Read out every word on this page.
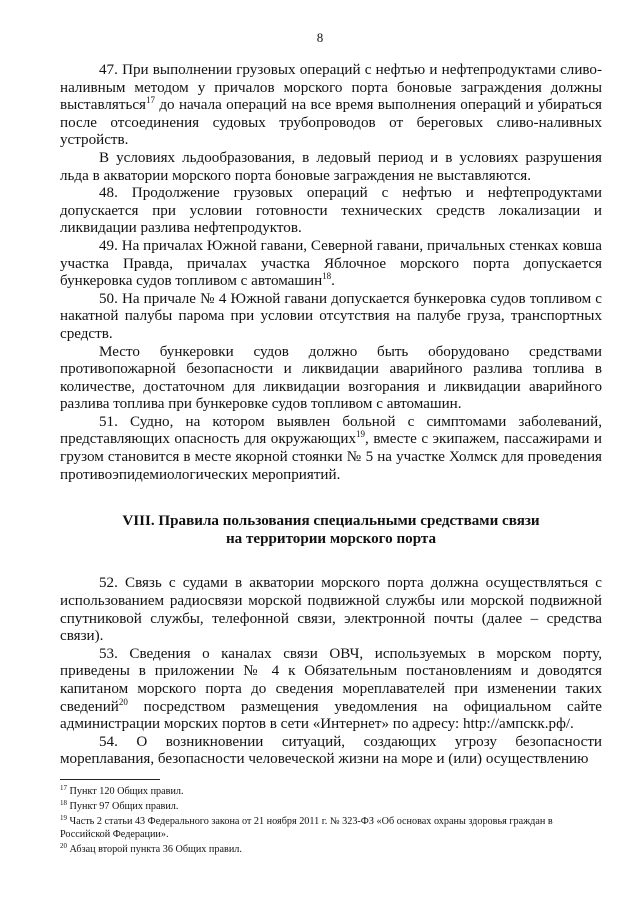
8

47. При выполнении грузовых операций с нефтью и нефтепродуктами сливо-наливным методом у причалов морского порта боновые заграждения должны выставляться$^{17}$ до начала операций на все время выполнения операций и убираться после отсоединения судовых трубопроводов от береговых сливо-наливных устройств.

В условиях льдообразования, в ледовый период и в условиях разрушения льда в акватории морского порта боновые заграждения не выставляются.

48. Продолжение грузовых операций с нефтью и нефтепродуктами допускается при условии готовности технических средств локализации и ликвидации разлива нефтепродуктов.

49. На причалах Южной гавани, Северной гавани, причальных стенках ковша участка Правда, причалах участка Яблочное морского порта допускается бункеровка судов топливом с автомашин$^{18}$.

50. На причале № 4 Южной гавани допускается бункеровка судов топливом с накатной палубы парома при условии отсутствия на палубе груза, транспортных средств.

Место бункеровки судов должно быть оборудовано средствами противопожарной безопасности и ликвидации аварийного разлива топлива в количестве, достаточном для ликвидации возгорания и ликвидации аварийного разлива топлива при бункеровке судов топливом с автомашин.

51. Судно, на котором выявлен больной с симптомами заболеваний, представляющих опасность для окружающих$^{19}$, вместе с экипажем, пассажирами и грузом становится в месте якорной стоянки № 5 на участке Холмск для проведения противоэпидемиологических мероприятий.

VIII. Правила пользования специальными средствами связи
на территории морского порта

52. Связь с судами в акватории морского порта должна осуществляться с использованием радиосвязи морской подвижной службы или морской подвижной спутниковой службы, телефонной связи, электронной почты (далее – средства связи).

53. Сведения о каналах связи ОВЧ, используемых в морском порту, приведены в приложении № 4 к Обязательным постановлениям и доводятся капитаном морского порта до сведения мореплавателей при изменении таких сведений$^{20}$ посредством размещения уведомления на официальном сайте администрации морских портов в сети «Интернет» по адресу: http://ампскк.рф/.

54. О возникновении ситуаций, создающих угрозу безопасности мореплавания, безопасности человеческой жизни на море и (или) осуществлению

$^{17}$ Пункт 120 Общих правил.
$^{18}$ Пункт 97 Общих правил.
$^{19}$ Часть 2 статьи 43 Федерального закона от 21 ноября 2011 г. № 323-ФЗ «Об основах охраны здоровья граждан в Российской Федерации».
$^{20}$ Абзац второй пункта 36 Общих правил.
